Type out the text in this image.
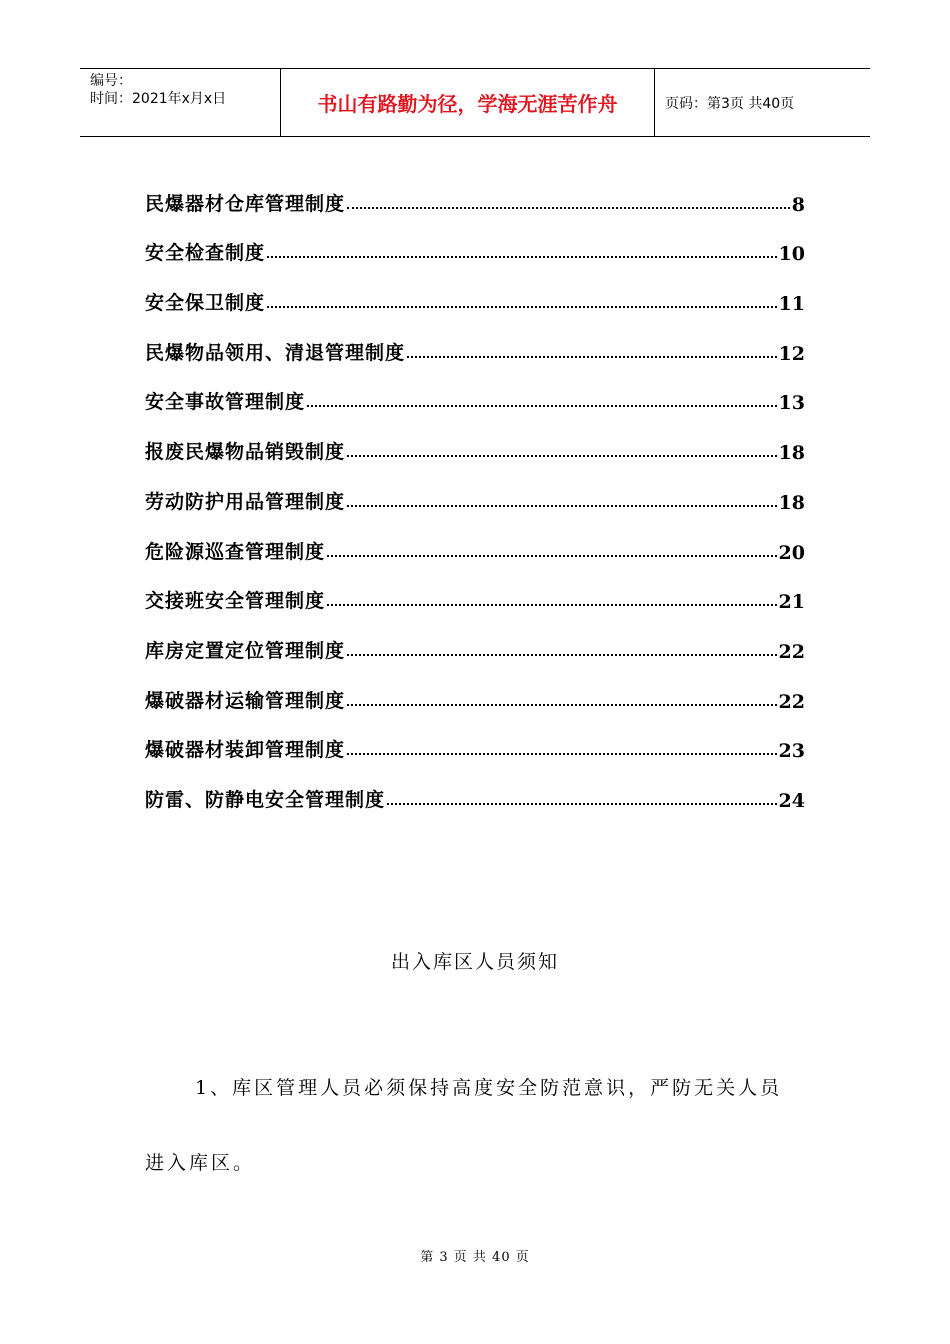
编号：
时间：2021年x月x日	书山有路勤为径，学海无涯苦作舟	页码：第3页 共40页
民爆器材仓库管理制度	8
安全检查制度	10
安全保卫制度	11
民爆物品领用、清退管理制度	12
安全事故管理制度	13
报废民爆物品销毁制度	18
劳动防护用品管理制度	18
危险源巡查管理制度	20
交接班安全管理制度	21
库房定置定位管理制度	22
爆破器材运输管理制度	22
爆破器材装卸管理制度	23
防雷、防静电安全管理制度	24
出入库区人员须知
1、库区管理人员必须保持高度安全防范意识，严防无关人员
进入库区。
第 3 页 共 40 页
